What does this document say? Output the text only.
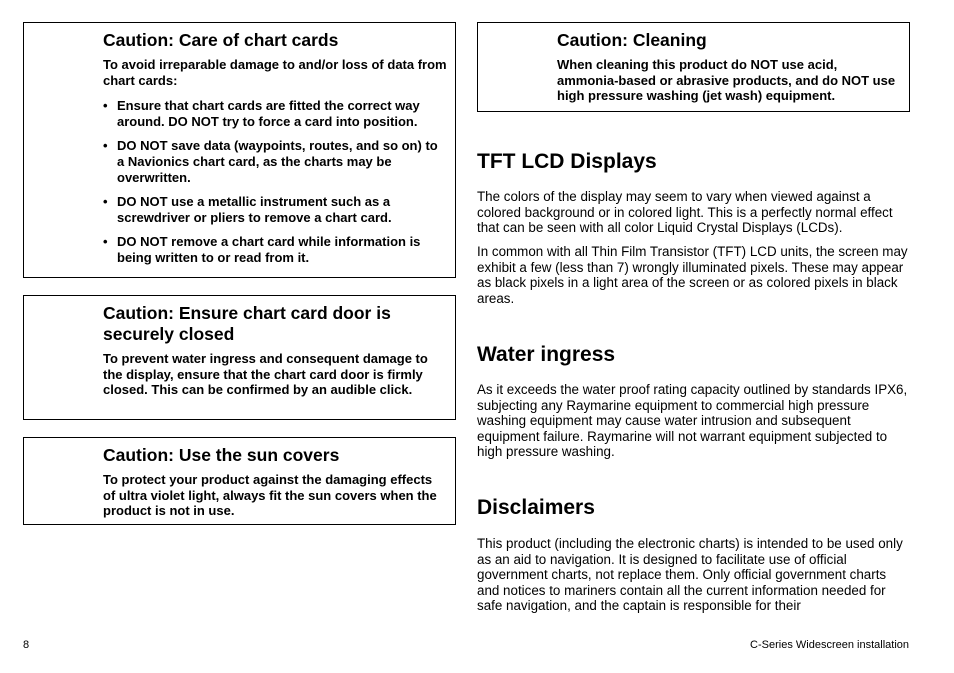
Caution: Care of chart cards

To avoid irreparable damage to and/or loss of data from chart cards:

• Ensure that chart cards are fitted the correct way around. DO NOT try to force a card into position.
• DO NOT save data (waypoints, routes, and so on) to a Navionics chart card, as the charts may be overwritten.
• DO NOT use a metallic instrument such as a screwdriver or pliers to remove a chart card.
• DO NOT remove a chart card while information is being written to or read from it.
Caution: Ensure chart card door is securely closed

To prevent water ingress and consequent damage to the display, ensure that the chart card door is firmly closed. This can be confirmed by an audible click.

Caution: Use the sun covers

To protect your product against the damaging effects of ultra violet light, always fit the sun covers when the product is not in use.

Caution: Cleaning

When cleaning this product do NOT use acid, ammonia-based or abrasive products, and do NOT use high pressure washing (jet wash) equipment.

TFT LCD Displays

The colors of the display may seem to vary when viewed against a colored background or in colored light. This is a perfectly normal effect that can be seen with all color Liquid Crystal Displays (LCDs).

In common with all Thin Film Transistor (TFT) LCD units, the screen may exhibit a few (less than 7) wrongly illuminated pixels. These may appear as black pixels in a light area of the screen or as colored pixels in black areas.

Water ingress

As it exceeds the water proof rating capacity outlined by standards IPX6, subjecting any Raymarine equipment to commercial high pressure washing equipment may cause water intrusion and subsequent equipment failure. Raymarine will not warrant equipment subjected to high pressure washing.

Disclaimers

This product (including the electronic charts) is intended to be used only as an aid to navigation. It is designed to facilitate use of official government charts, not replace them. Only official government charts and notices to mariners contain all the current information needed for safe navigation, and the captain is responsible for their

8	C-Series Widescreen installation
